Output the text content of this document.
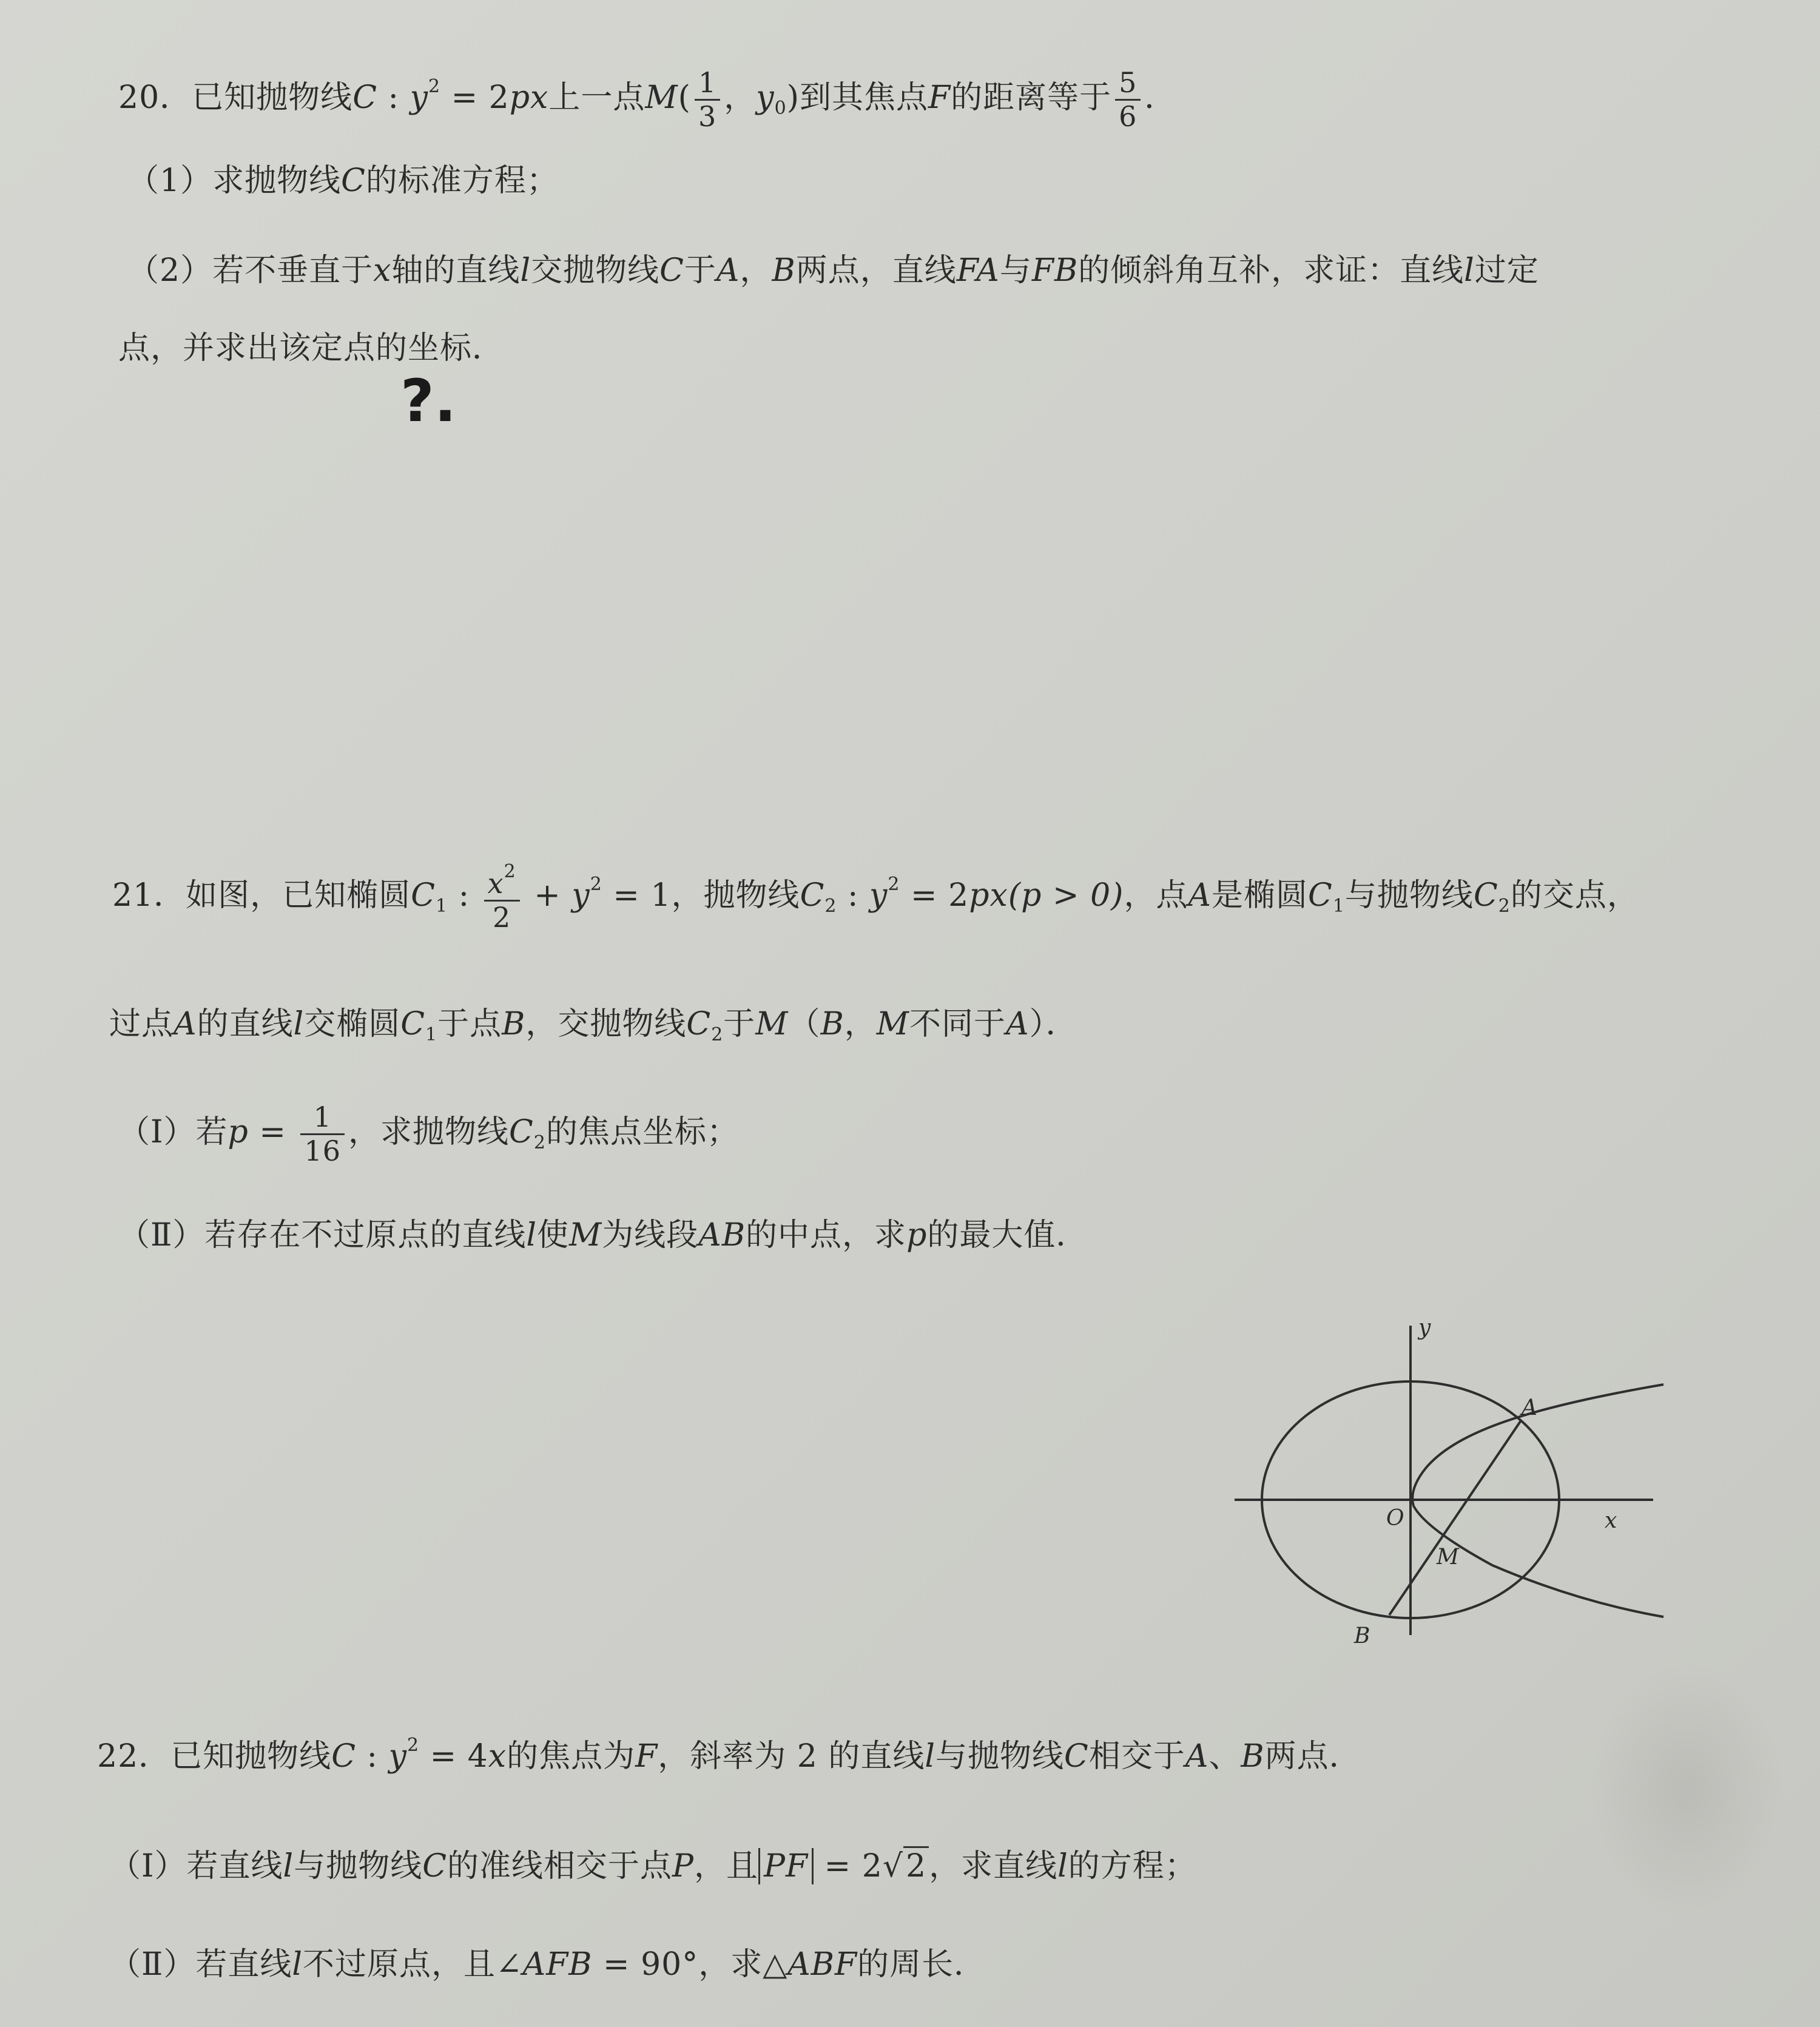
20．已知抛物线C : $y^2 = 2px$上一点$M( \frac{1}{3}$ ，$y_0$)到其焦点F的距离等于 $\frac{5}{6}$ ．
（1）求抛物线C的标准方程；
（2）若不垂直于x轴的直线l交抛物线C于A，B两点，直线FA与FB的倾斜角互补，求证：直线l过定
点，并求出该定点的坐标．
?.
21．如图，已知椭圆$C_1$ : $\frac{x^2}{2} + y^2 = 1$，抛物线$C_2$ : $y^2 = 2px(p > 0)$，点A是椭圆$C_1$与抛物线$C_2$的交点，
过点A的直线l交椭圆$C_1$于点B，交抛物线$C_2$于M（B，M不同于A）．
（Ⅰ）若$p = \frac{1}{16}$ ，求抛物线$C_2$的焦点坐标；
（Ⅱ）若存在不过原点的直线l使M为线段AB的中点，求p的最大值．
y
x
O
A
M
B
22．已知抛物线C : $y^2 = 4x$的焦点为F，斜率为 2 的直线l与抛物线C相交于A、B两点．
（Ⅰ）若直线l与抛物线C的准线相交于点P，且 PF = 2√2，求直线l的方程；
（Ⅱ）若直线l不过原点，且∠AFB = 90°，求△ABF的周长．
